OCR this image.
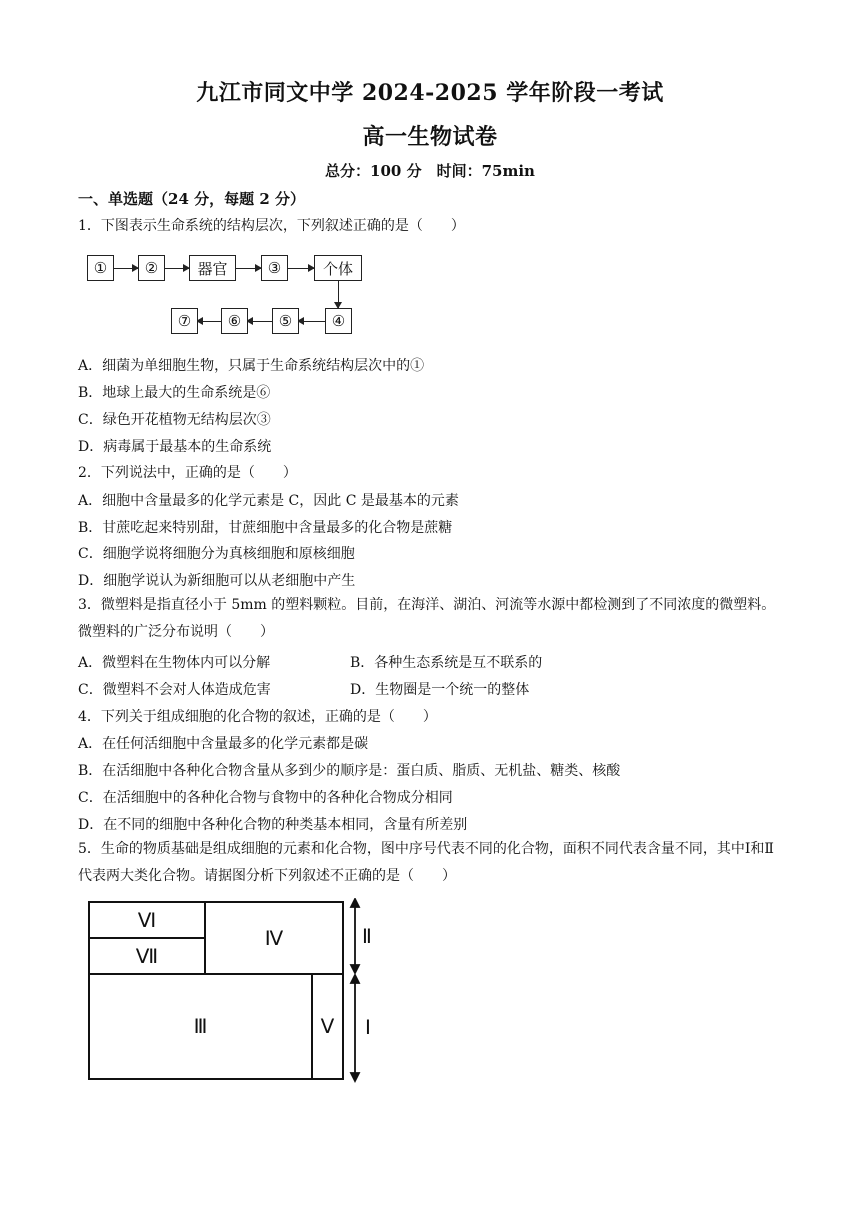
九江市同文中学 2024-2025 学年阶段一考试
高一生物试卷
总分：100 分　时间：75min
一、单选题（24 分，每题 2 分）
1．下图表示生命系统的结构层次，下列叙述正确的是（　　）
①	②	器官	③	个体
④
⑤
⑥
⑦
A．细菌为单细胞生物，只属于生命系统结构层次中的①
B．地球上最大的生命系统是⑥
C．绿色开花植物无结构层次③
D．病毒属于最基本的生命系统
2．下列说法中，正确的是（　　）
A．细胞中含量最多的化学元素是 C，因此 C 是最基本的元素
B．甘蔗吃起来特别甜，甘蔗细胞中含量最多的化合物是蔗糖
C．细胞学说将细胞分为真核细胞和原核细胞
D．细胞学说认为新细胞可以从老细胞中产生
3．微塑料是指直径小于 5mm 的塑料颗粒。目前，在海洋、湖泊、河流等水源中都检测到了不同浓度的微塑料。微塑料的广泛分布说明（　　）
A．微塑料在生物体内可以分解	B．各种生态系统是互不联系的
C．微塑料不会对人体造成危害	D．生物圈是一个统一的整体
4．下列关于组成细胞的化合物的叙述，正确的是（　　）
A．在任何活细胞中含量最多的化学元素都是碳
B．在活细胞中各种化合物含量从多到少的顺序是：蛋白质、脂质、无机盐、糖类、核酸
C．在活细胞中的各种化合物与食物中的各种化合物成分相同
D．在不同的细胞中各种化合物的种类基本相同，含量有所差别
5．生命的物质基础是组成细胞的元素和化合物，图中序号代表不同的化合物，面积不同代表含量不同，其中Ⅰ和Ⅱ代表两大类化合物。请据图分析下列叙述不正确的是（　　）
Ⅵ
Ⅶ
Ⅳ
Ⅲ	Ⅴ
Ⅱ
Ⅰ
